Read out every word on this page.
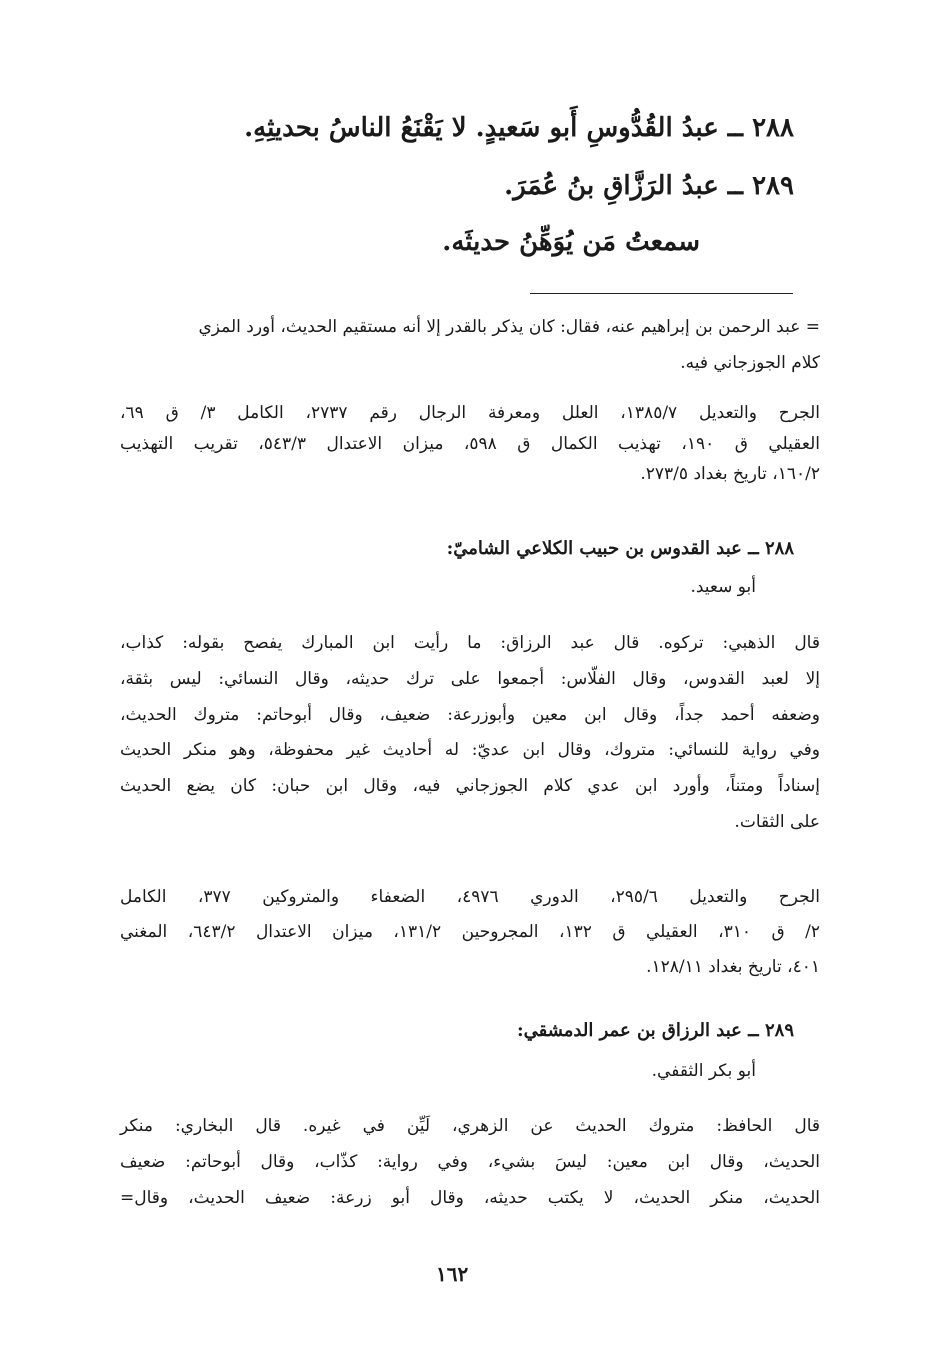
٢٨٨ ــ عبدُ القُدُّوسِ أَبو سَعيدٍ. لا يَقْنَعُ الناسُ بحديثِهِ.
٢٨٩ ــ عبدُ الرَزَّاقِ بنُ عُمَرَ.
سمعتُ مَن يُوَهِّنُ حديثَه.
= عبد الرحمن بن إبراهيم عنه، فقال: كان يذكر بالقدر إلا أنه مستقيم الحديث، أورد المزي
كلام الجوزجاني فيه.

الجرح والتعديل ١٣٨٥/٧، العلل ومعرفة الرجال رقم ٢٧٣٧، الكامل ٣/ ق ٦٩،

العقيلي ق ١٩٠، تهذيب الكمال ق ٥٩٨، ميزان الاعتدال ٥٤٣/٣، تقريب التهذيب

١٦٠/٢، تاريخ بغداد ٢٧٣/٥.

٢٨٨ ــ عبد القدوس بن حبيب الكلاعي الشاميّ:
أبو سعيد.

قال الذهبي: تركوه. قال عبد الرزاق: ما رأيت ابن المبارك يفصح بقوله: كذاب،

إلا لعبد القدوس، وقال الفلّاس: أجمعوا على ترك حديثه، وقال النسائي: ليس بثقة،

وضعفه أحمد جداً، وقال ابن معين وأبوزرعة: ضعيف، وقال أبوحاتم: متروك الحديث،

وفي رواية للنسائي: متروك، وقال ابن عديّ: له أحاديث غير محفوظة، وهو منكر الحديث

إسناداً ومتناً، وأورد ابن عدي كلام الجوزجاني فيه، وقال ابن حبان: كان يضع الحديث

على الثقات.

الجرح والتعديل ٢٩٥/٦، الدوري ٤٩٧٦، الضعفاء والمتروكين ٣٧٧، الكامل

٢/ ق ٣١٠، العقيلي ق ١٣٢، المجروحين ١٣١/٢، ميزان الاعتدال ٦٤٣/٢، المغني

٤٠١، تاريخ بغداد ١٢٨/١١.

٢٨٩ ــ عبد الرزاق بن عمر الدمشقي:
أبو بكر الثقفي.

قال الحافظ: متروك الحديث عن الزهري، لَيِّن في غيره. قال البخاري: منكر

الحديث، وقال ابن معين: ليسَ بشيء، وفي رواية: كذّاب، وقال أبوحاتم: ضعيف

الحديث، منكر الحديث، لا يكتب حديثه، وقال أبو زرعة: ضعيف الحديث، وقال=

١٦٢
